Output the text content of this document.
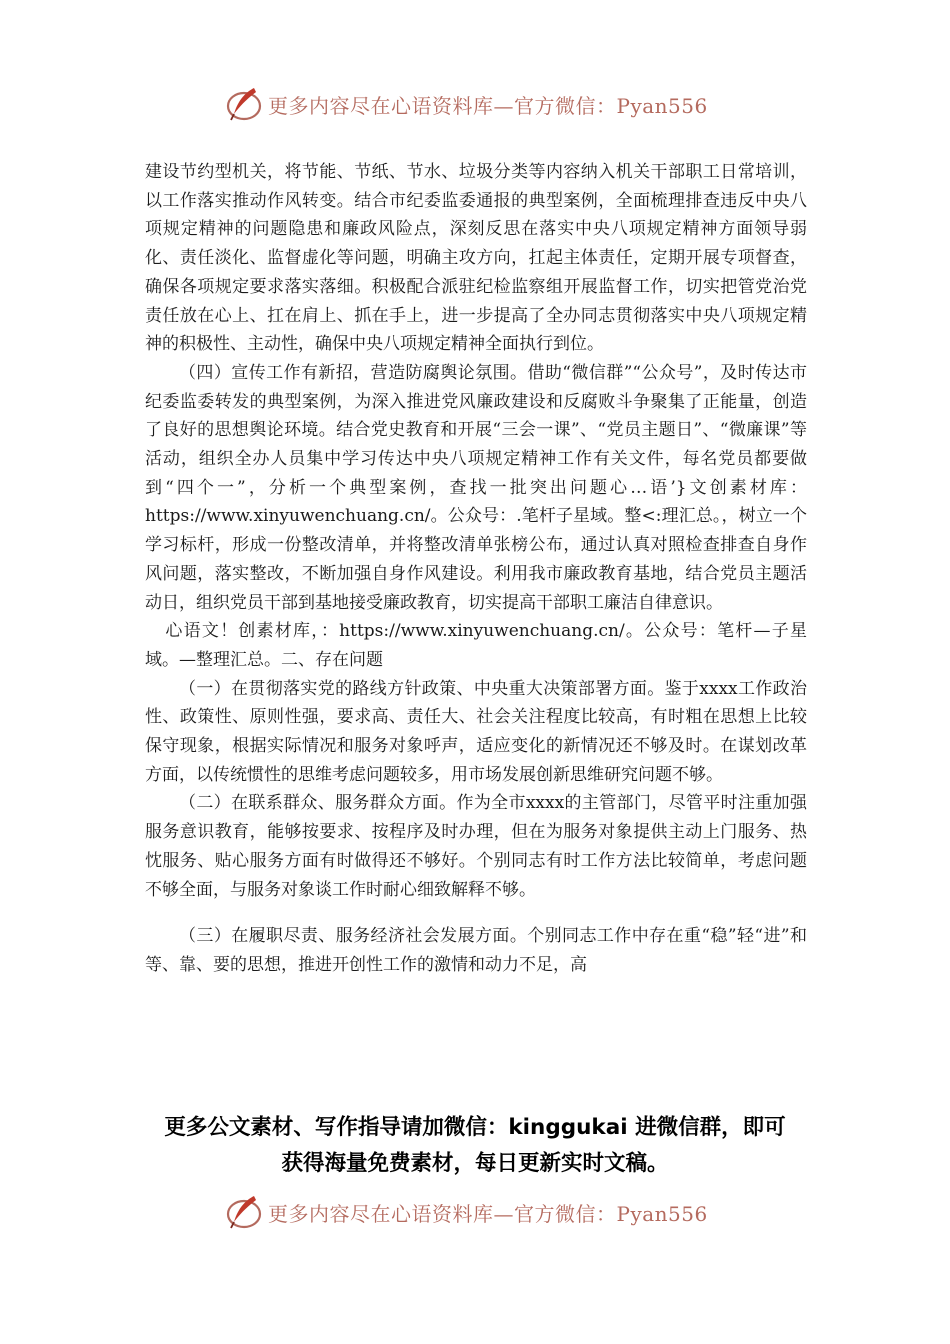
更多内容尽在心语资料库—官方微信：Pyan556

建设节约型机关，将节能、节纸、节水、垃圾分类等内容纳入机关干部职工日常培训，以工作落实推动作风转变。结合市纪委监委通报的典型案例，全面梳理排查违反中央八项规定精神的问题隐患和廉政风险点，深刻反思在落实中央八项规定精神方面领导弱化、责任淡化、监督虚化等问题，明确主攻方向，扛起主体责任，定期开展专项督查，确保各项规定要求落实落细。积极配合派驻纪检监察组开展监督工作，切实把管党治党责任放在心上、扛在肩上、抓在手上，进一步提高了全办同志贯彻落实中央八项规定精神的积极性、主动性，确保中央八项规定精神全面执行到位。

（四）宣传工作有新招，营造防腐舆论氛围。借助“微信群”“公众号”，及时传达市纪委监委转发的典型案例，为深入推进党风廉政建设和反腐败斗争聚集了正能量，创造了良好的思想舆论环境。结合党史教育和开展“三会一课”、“党员主题日”、“微廉课”等活动，组织全办人员集中学习传达中央八项规定精神工作有关文件，每名党员都要做到“四个一”，分析一个典型案例，查找一批突出问题心…语’}文创素材库：https://www.xinyuwenchuang.cn/。公众号：.笔杆子星域。整<:理汇总。，树立一个学习标杆，形成一份整改清单，并将整改清单张榜公布，通过认真对照检查排查自身作风问题，落实整改，不断加强自身作风建设。利用我市廉政教育基地，结合党员主题活动日，组织党员干部到基地接受廉政教育，切实提高干部职工廉洁自律意识。

心语文！创素材库，：https://www.xinyuwenchuang.cn/。公众号：笔杆—子星域。—整理汇总。二、存在问题

（一）在贯彻落实党的路线方针政策、中央重大决策部署方面。鉴于xxxx工作政治性、政策性、原则性强，要求高、责任大、社会关注程度比较高，有时粗在思想上比较保守现象，根据实际情况和服务对象呼声，适应变化的新情况还不够及时。在谋划改革方面，以传统惯性的思维考虑问题较多，用市场发展创新思维研究问题不够。

（二）在联系群众、服务群众方面。作为全市xxxx的主管部门，尽管平时注重加强服务意识教育，能够按要求、按程序及时办理，但在为服务对象提供主动上门服务、热忱服务、贴心服务方面有时做得还不够好。个别同志有时工作方法比较简单，考虑问题不够全面，与服务对象谈工作时耐心细致解释不够。

（三）在履职尽责、服务经济社会发展方面。个别同志工作中存在重“稳”轻“进”和等、靠、要的思想，推进开创性工作的激情和动力不足，高

更多公文素材、写作指导请加微信：kinggukai 进微信群，即可
获得海量免费素材，每日更新实时文稿。
更多内容尽在心语资料库—官方微信：Pyan556
